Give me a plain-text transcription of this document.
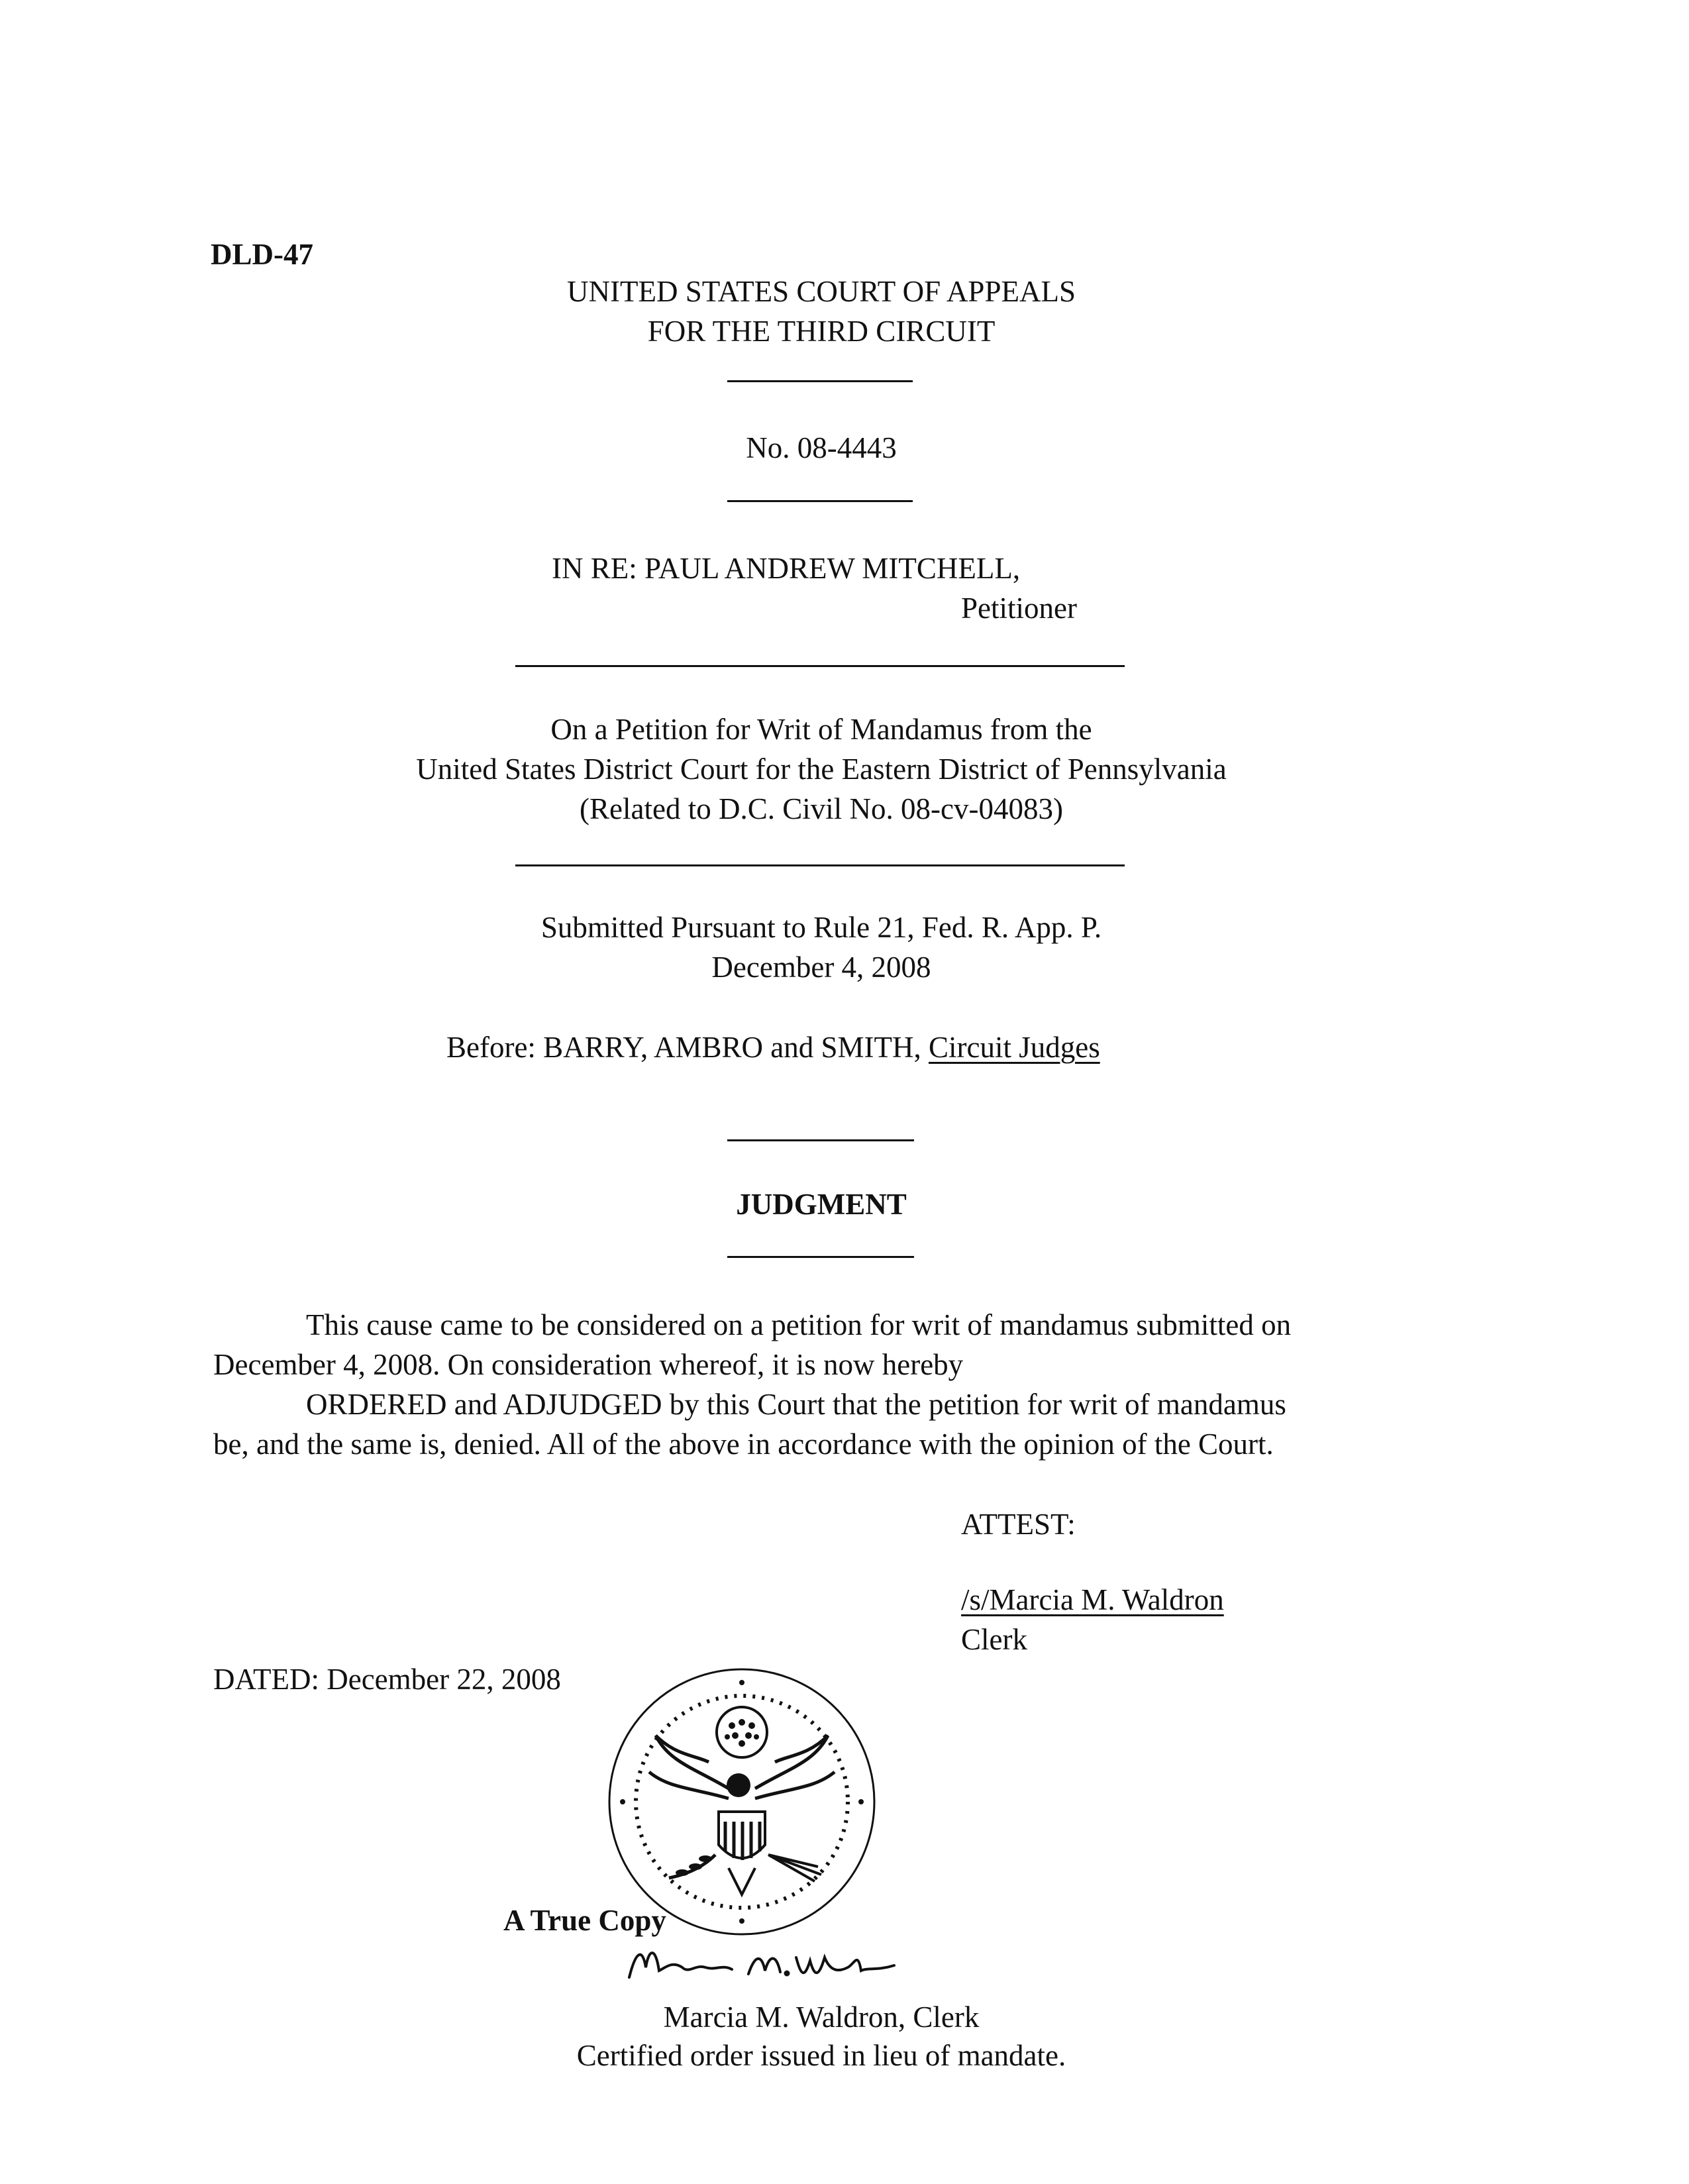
DLD-47
UNITED STATES COURT OF APPEALS
FOR THE THIRD CIRCUIT
No. 08-4443
IN RE: PAUL ANDREW MITCHELL,
Petitioner
On a Petition for Writ of Mandamus from the
United States District Court for the Eastern District of Pennsylvania
(Related to D.C. Civil No. 08-cv-04083)
Submitted Pursuant to Rule 21, Fed. R. App. P.
December 4, 2008
Before: BARRY, AMBRO and SMITH, Circuit Judges
JUDGMENT
This cause came to be considered on a petition for writ of mandamus submitted on
December 4, 2008. On consideration whereof, it is now hereby
ORDERED and ADJUDGED by this Court that the petition for writ of mandamus
be, and the same is, denied. All of the above in accordance with the opinion of the Court.
ATTEST:
/s/Marcia M. Waldron
Clerk
DATED: December 22, 2008
A True Copy
Marcia M. Waldron, Clerk
Certified order issued in lieu of mandate.
